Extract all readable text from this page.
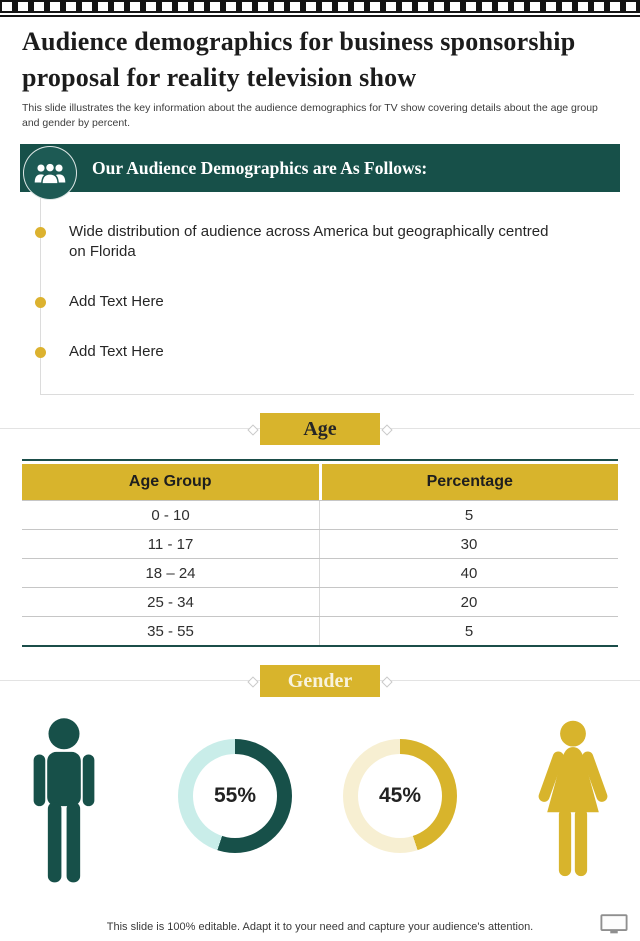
Audience demographics for business sponsorship proposal for reality television show
This slide illustrates the key information about the audience demographics for TV show covering details about the age group and gender by percent.
Our Audience Demographics are As Follows:
Wide distribution of audience across America but geographically centred on Florida
Add Text Here
Add Text Here
Age
Age Group	Percentage
0 - 10	5
11 - 17	30
18 – 24	40
25 - 34	20
35 - 55	5
Gender
55%	45%
This slide is 100% editable. Adapt it to your need and capture your audience's attention.
